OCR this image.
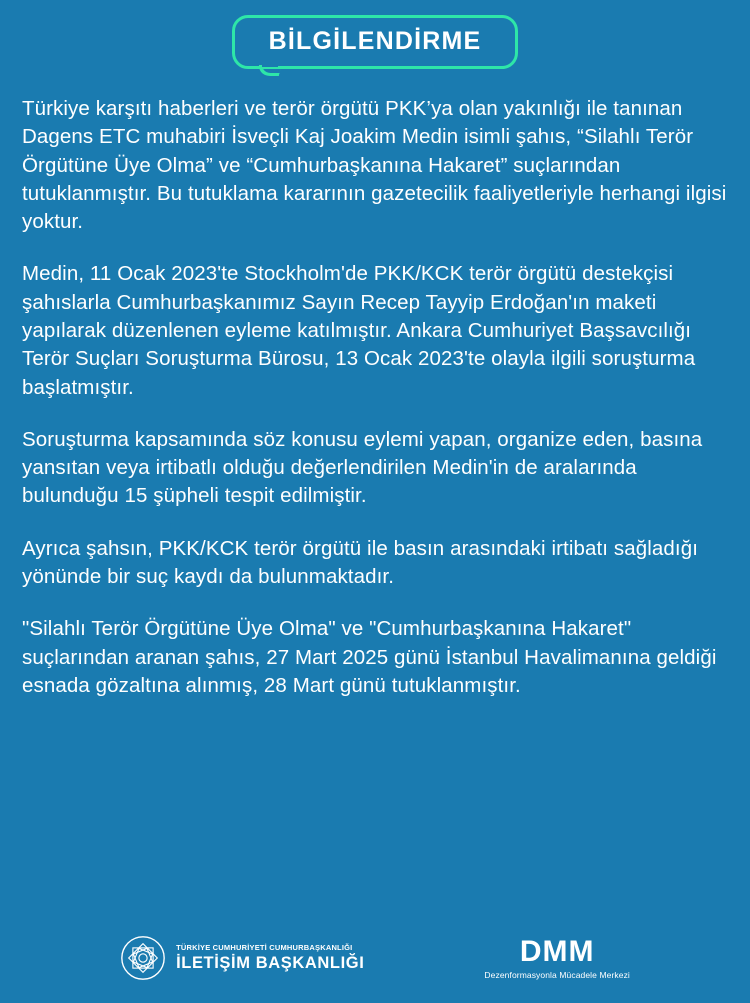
BİLGİLENDİRME

Türkiye karşıtı haberleri ve terör örgütü PKK’ya olan yakınlığı ile tanınan Dagens ETC muhabiri İsveçli Kaj Joakim Medin isimli şahıs, “Silahlı Terör Örgütüne Üye Olma” ve “Cumhurbaşkanına Hakaret” suçlarından tutuklanmıştır. Bu tutuklama kararının gazetecilik faaliyetleriyle herhangi ilgisi yoktur.

Medin, 11 Ocak 2023'te Stockholm'de PKK/KCK terör örgütü destekçisi şahıslarla Cumhurbaşkanımız Sayın Recep Tayyip Erdoğan'ın maketi yapılarak düzenlenen eyleme katılmıştır. Ankara Cumhuriyet Başsavcılığı Terör Suçları Soruşturma Bürosu, 13 Ocak 2023'te olayla ilgili soruşturma başlatmıştır.

Soruşturma kapsamında söz konusu eylemi yapan, organize eden, basına yansıtan veya irtibatlı olduğu değerlendirilen Medin'in de aralarında bulunduğu 15 şüpheli tespit edilmiştir.

Ayrıca şahsın, PKK/KCK terör örgütü ile basın arasındaki irtibatı sağladığı yönünde bir suç kaydı da bulunmaktadır.

"Silahlı Terör Örgütüne Üye Olma" ve "Cumhurbaşkanına Hakaret" suçlarından aranan şahıs, 27 Mart 2025 günü İstanbul Havalimanına geldiği esnada gözaltına alınmış, 28 Mart günü tutuklanmıştır.

TÜRKİYE CUMHURİYETİ CUMHURBAŞKANLIĞI
İLETİŞİM BAŞKANLIĞI	DMM
Dezenformasyonla Mücadele Merkezi
